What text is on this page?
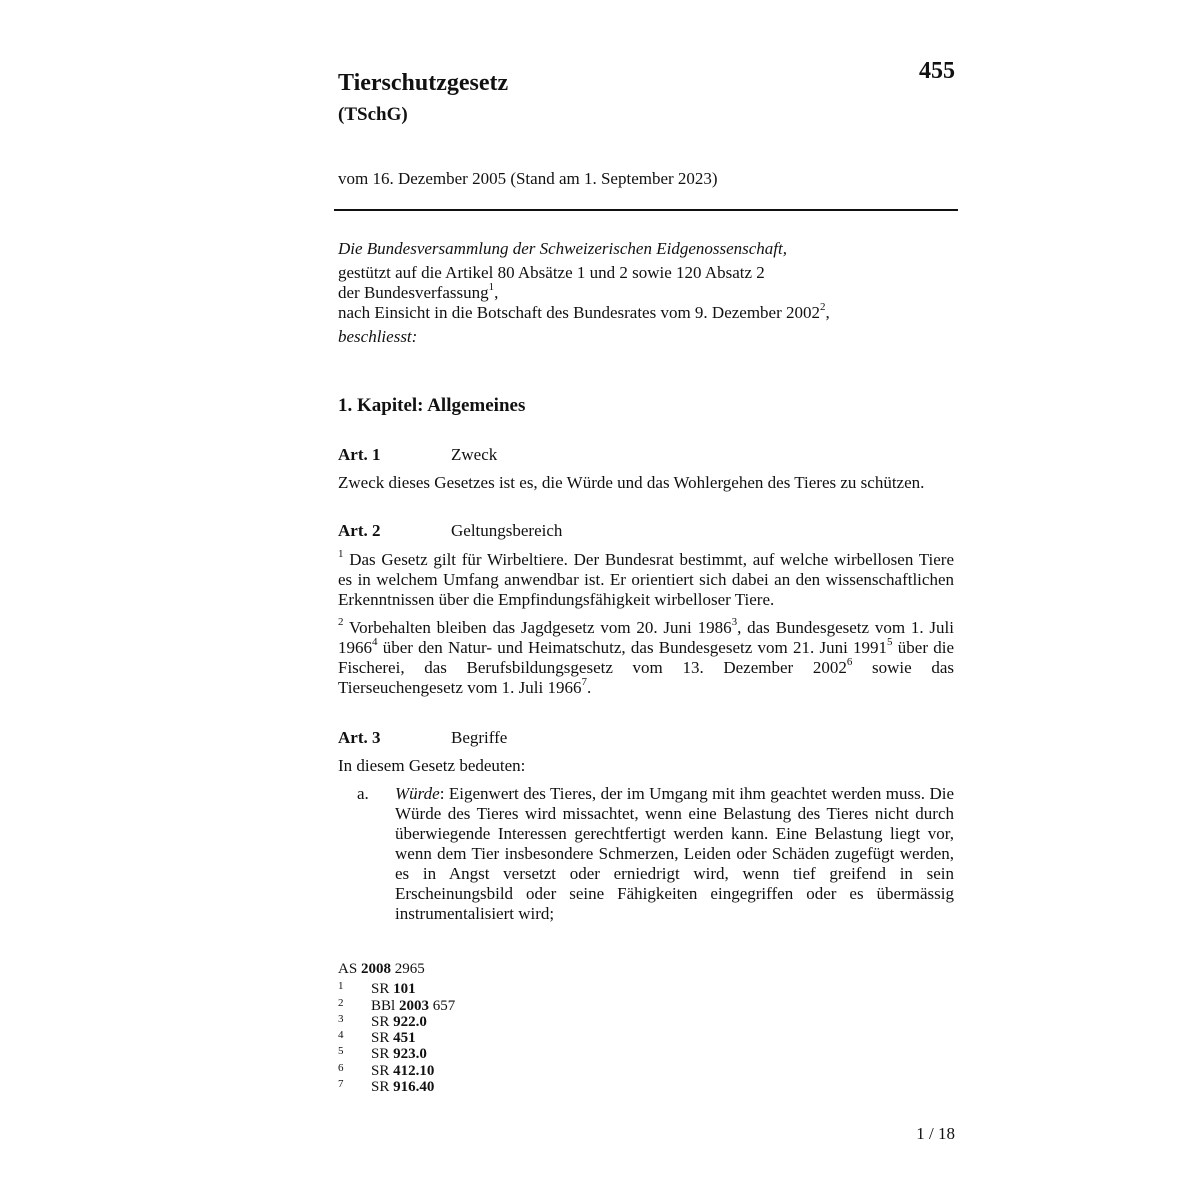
455
Tierschutzgesetz
(TSchG)
vom 16. Dezember 2005 (Stand am 1. September 2023)
Die Bundesversammlung der Schweizerischen Eidgenossenschaft,
gestützt auf die Artikel 80 Absätze 1 und 2 sowie 120 Absatz 2
der Bundesverfassung$^1$,
nach Einsicht in die Botschaft des Bundesrates vom 9. Dezember 2002$^2$,
beschliesst:
1. Kapitel: Allgemeines
Art. 1	Zweck
Zweck dieses Gesetzes ist es, die Würde und das Wohlergehen des Tieres zu schützen.
Art. 2	Geltungsbereich
$^1$ Das Gesetz gilt für Wirbeltiere. Der Bundesrat bestimmt, auf welche wirbellosen Tiere es in welchem Umfang anwendbar ist. Er orientiert sich dabei an den wissenschaftlichen Erkenntnissen über die Empfindungsfähigkeit wirbelloser Tiere.
$^2$ Vorbehalten bleiben das Jagdgesetz vom 20. Juni 1986$^3$, das Bundesgesetz vom 1. Juli 1966$^4$ über den Natur- und Heimatschutz, das Bundesgesetz vom 21. Juni 1991$^5$ über die Fischerei, das Berufsbildungsgesetz vom 13. Dezember 2002$^6$ sowie das Tierseuchengesetz vom 1. Juli 1966$^7$.
Art. 3	Begriffe
In diesem Gesetz bedeuten:
a. Würde: Eigenwert des Tieres, der im Umgang mit ihm geachtet werden muss. Die Würde des Tieres wird missachtet, wenn eine Belastung des Tieres nicht durch überwiegende Interessen gerechtfertigt werden kann. Eine Belastung liegt vor, wenn dem Tier insbesondere Schmerzen, Leiden oder Schäden zugefügt werden, es in Angst versetzt oder erniedrigt wird, wenn tief greifend in sein Erscheinungsbild oder seine Fähigkeiten eingegriffen oder es übermässig instrumentalisiert wird;
AS 2008 2965
1 SR 101
2 BBl 2003 657
3 SR 922.0
4 SR 451
5 SR 923.0
6 SR 412.10
7 SR 916.40
1 / 18
